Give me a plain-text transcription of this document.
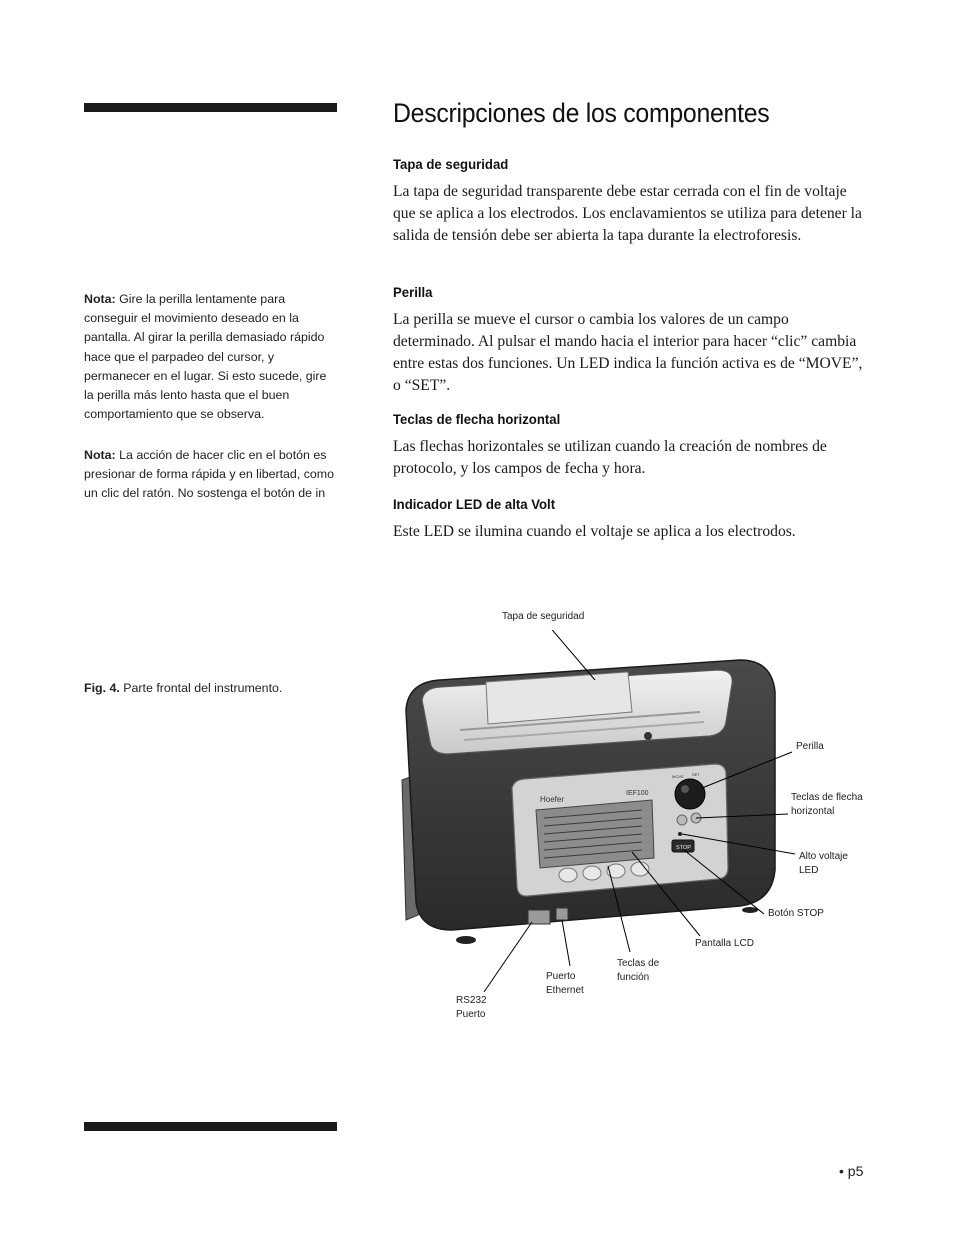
Descripciones de los componentes
Tapa de seguridad

La tapa de seguridad transparente debe estar cerrada con el fin de voltaje que se aplica a los electrodos. Los enclavamientos se utiliza para detener la salida de tensión debe ser abierta la tapa durante la electroforesis.

Perilla

La perilla se mueve el cursor o cambia los valores de un campo determinado. Al pulsar el mando hacia el interior para hacer “clic” cambia entre estas dos funciones. Un LED indica la función activa es de “MOVE”, o “SET”.

Teclas de flecha horizontal

Las flechas horizontales se utilizan cuando la creación de nombres de protocolo, y los campos de fecha y hora.

Indicador LED de alta Volt

Este LED se ilumina cuando el voltaje se aplica a los electrodos.

Nota: Gire la perilla lentamente para conseguir el movimiento deseado en la pantalla. Al girar la perilla demasiado rápido hace que el parpadeo del cursor, y permanecer en el lugar. Si esto sucede, gire la perilla más lento hasta que el buen comportamiento que se observa.

Nota: La acción de hacer clic en el botón es presionar de forma rápida y en libertad, como un clic del ratón. No sostenga el botón de in

Fig. 4. Parte frontal del instrumento.
Hoefer
IEF100
MOVE SET
STOP
Tapa de seguridad
Perilla
Teclas de flecha
horizontal
Alto voltaje
LED
Botón STOP
Pantalla LCD
Teclas de
función
Puerto
Ethernet
RS232
Puerto
• p5
